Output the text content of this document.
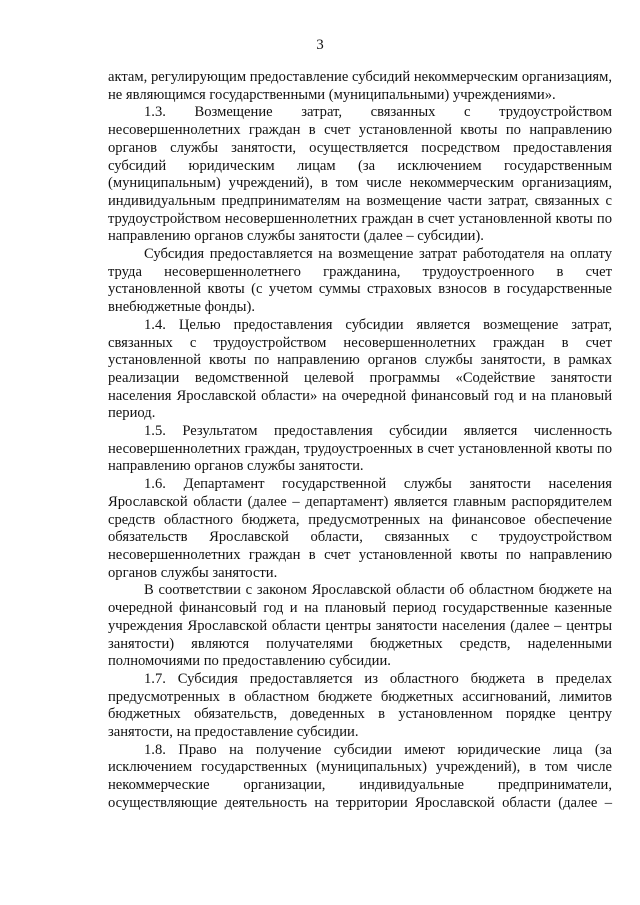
3

актам, регулирующим предоставление субсидий некоммерческим организациям, не являющимся государственными (муниципальными) учреждениями».

1.3. Возмещение затрат, связанных с трудоустройством несовершеннолетних граждан в счет установленной квоты по направлению органов службы занятости, осуществляется посредством предоставления субсидий юридическим лицам (за исключением государственным (муниципальным) учреждений), в том числе некоммерческим организациям, индивидуальным предпринимателям на возмещение части затрат, связанных с трудоустройством несовершеннолетних граждан в счет установленной квоты по направлению органов службы занятости (далее – субсидии).

Субсидия предоставляется на возмещение затрат работодателя на оплату труда несовершеннолетнего гражданина, трудоустроенного в счет установленной квоты (с учетом суммы страховых взносов в государственные внебюджетные фонды).

1.4. Целью предоставления субсидии является возмещение затрат, связанных с трудоустройством несовершеннолетних граждан в счет установленной квоты по направлению органов службы занятости, в рамках реализации ведомственной целевой программы «Содействие занятости населения Ярославской области» на очередной финансовый год и на плановый период.

1.5. Результатом предоставления субсидии является численность несовершеннолетних граждан, трудоустроенных в счет установленной квоты по направлению органов службы занятости.

1.6. Департамент государственной службы занятости населения Ярославской области (далее – департамент) является главным распорядителем средств областного бюджета, предусмотренных на финансовое обеспечение обязательств Ярославской области, связанных с трудоустройством несовершеннолетних граждан в счет установленной квоты по направлению органов службы занятости.

В соответствии с законом Ярославской области об областном бюджете на очередной финансовый год и на плановый период государственные казенные учреждения Ярославской области центры занятости населения (далее – центры занятости) являются получателями бюджетных средств, наделенными полномочиями по предоставлению субсидии.

1.7. Субсидия предоставляется из областного бюджета в пределах предусмотренных в областном бюджете бюджетных ассигнований, лимитов бюджетных обязательств, доведенных в установленном порядке центру занятости, на предоставление субсидии.

1.8. Право на получение субсидии имеют юридические лица (за исключением государственных (муниципальных) учреждений), в том числе некоммерческие организации, индивидуальные предприниматели, осуществляющие деятельность на территории Ярославской области (далее –
